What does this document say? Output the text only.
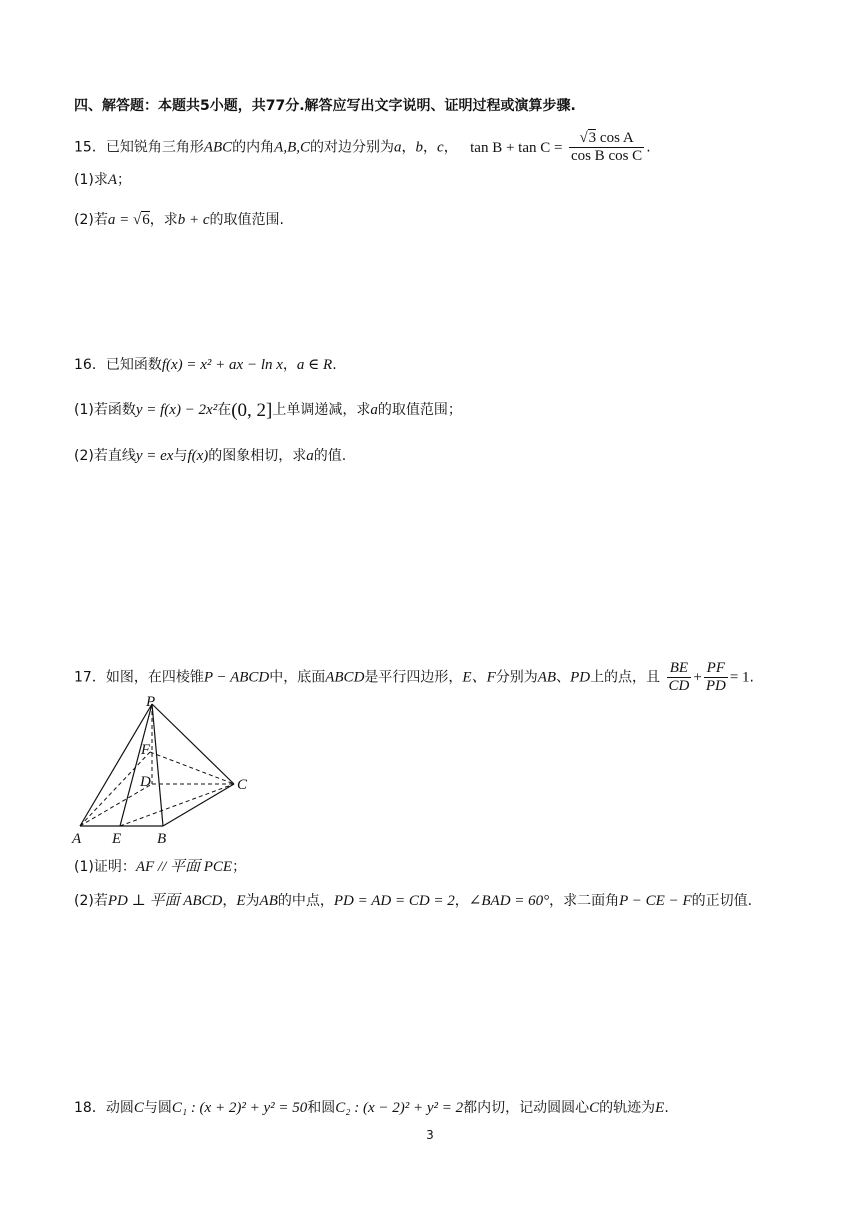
四、解答题：本题共5小题，共77分.解答应写出文字说明、证明过程或演算步骤.
15．已知锐角三角形ABC的内角A,B,C的对边分别为a，b，c， $\tan B + \tan C = \frac{\text{√3 cos A}}{\text{cos B cos C}}$ .
(1)求A；
(2)若a = √6，求b + c的取值范围.
16．已知函数f(x) = x² + ax − ln x，a ∈ R.
(1)若函数y = f(x) − 2x²在(0, 2]上单调递减，求a的取值范围；
(2)若直线y = ex与f(x)的图象相切，求a的值.
17．如图，在四棱锥P − ABCD中，底面ABCD是平行四边形，E、F分别为AB、PD上的点，且 $\frac{BE}{CD} + \frac{PF}{PD} = 1$.
P
F
D	C
A E B
(1)证明：AF // 平面 PCE；
(2)若PD ⊥ 平面 ABCD，E为AB的中点，PD = AD = CD = 2，∠BAD = 60°，求二面角P − CE − F的正切值.
18．动圆C与圆C₁ : (x + 2)² + y² = 50和圆C₂ : (x − 2)² + y² = 2都内切，记动圆圆心C的轨迹为E.
3
